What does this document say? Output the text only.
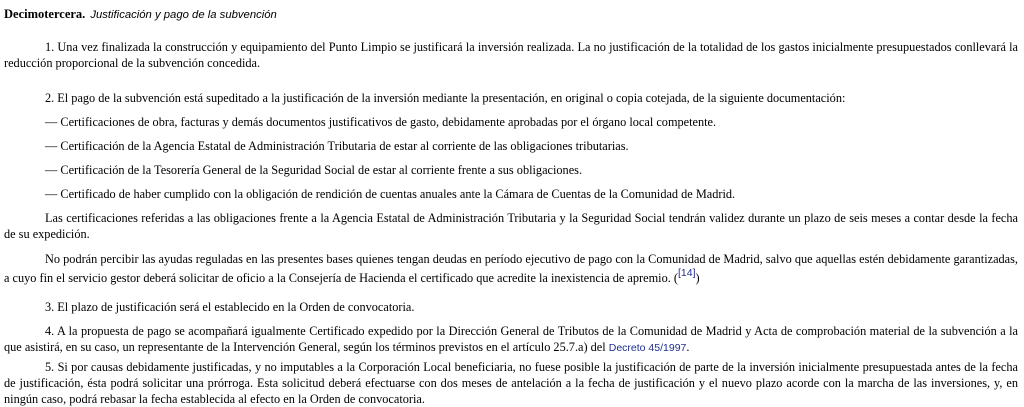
Decimotercera. Justificación y pago de la subvención

1. Una vez finalizada la construcción y equipamiento del Punto Limpio se justificará la inversión realizada. La no justificación de la totalidad de los gastos inicialmente presupuestados conllevará la reducción proporcional de la subvención concedida.

2. El pago de la subvención está supeditado a la justificación de la inversión mediante la presentación, en original o copia cotejada, de la siguiente documentación:

— Certificaciones de obra, facturas y demás documentos justificativos de gasto, debidamente aprobadas por el órgano local competente.
— Certificación de la Agencia Estatal de Administración Tributaria de estar al corriente de las obligaciones tributarias.
— Certificación de la Tesorería General de la Seguridad Social de estar al corriente frente a sus obligaciones.
— Certificado de haber cumplido con la obligación de rendición de cuentas anuales ante la Cámara de Cuentas de la Comunidad de Madrid.

Las certificaciones referidas a las obligaciones frente a la Agencia Estatal de Administración Tributaria y la Seguridad Social tendrán validez durante un plazo de seis meses a contar desde la fecha de su expedición.

No podrán percibir las ayudas reguladas en las presentes bases quienes tengan deudas en período ejecutivo de pago con la Comunidad de Madrid, salvo que aquellas estén debidamente garantizadas, a cuyo fin el servicio gestor deberá solicitar de oficio a la Consejería de Hacienda el certificado que acredite la inexistencia de apremio. ([14])

3. El plazo de justificación será el establecido en la Orden de convocatoria.

4. A la propuesta de pago se acompañará igualmente Certificado expedido por la Dirección General de Tributos de la Comunidad de Madrid y Acta de comprobación material de la subvención a la que asistirá, en su caso, un representante de la Intervención General, según los términos previstos en el artículo 25.7.a) del Decreto 45/1997.

5. Si por causas debidamente justificadas, y no imputables a la Corporación Local beneficiaria, no fuese posible la justificación de parte de la inversión inicialmente presupuestada antes de la fecha de justificación, ésta podrá solicitar una prórroga. Esta solicitud deberá efectuarse con dos meses de antelación a la fecha de justificación y el nuevo plazo acorde con la marcha de las inversiones, y, en ningún caso, podrá rebasar la fecha establecida al efecto en la Orden de convocatoria.
